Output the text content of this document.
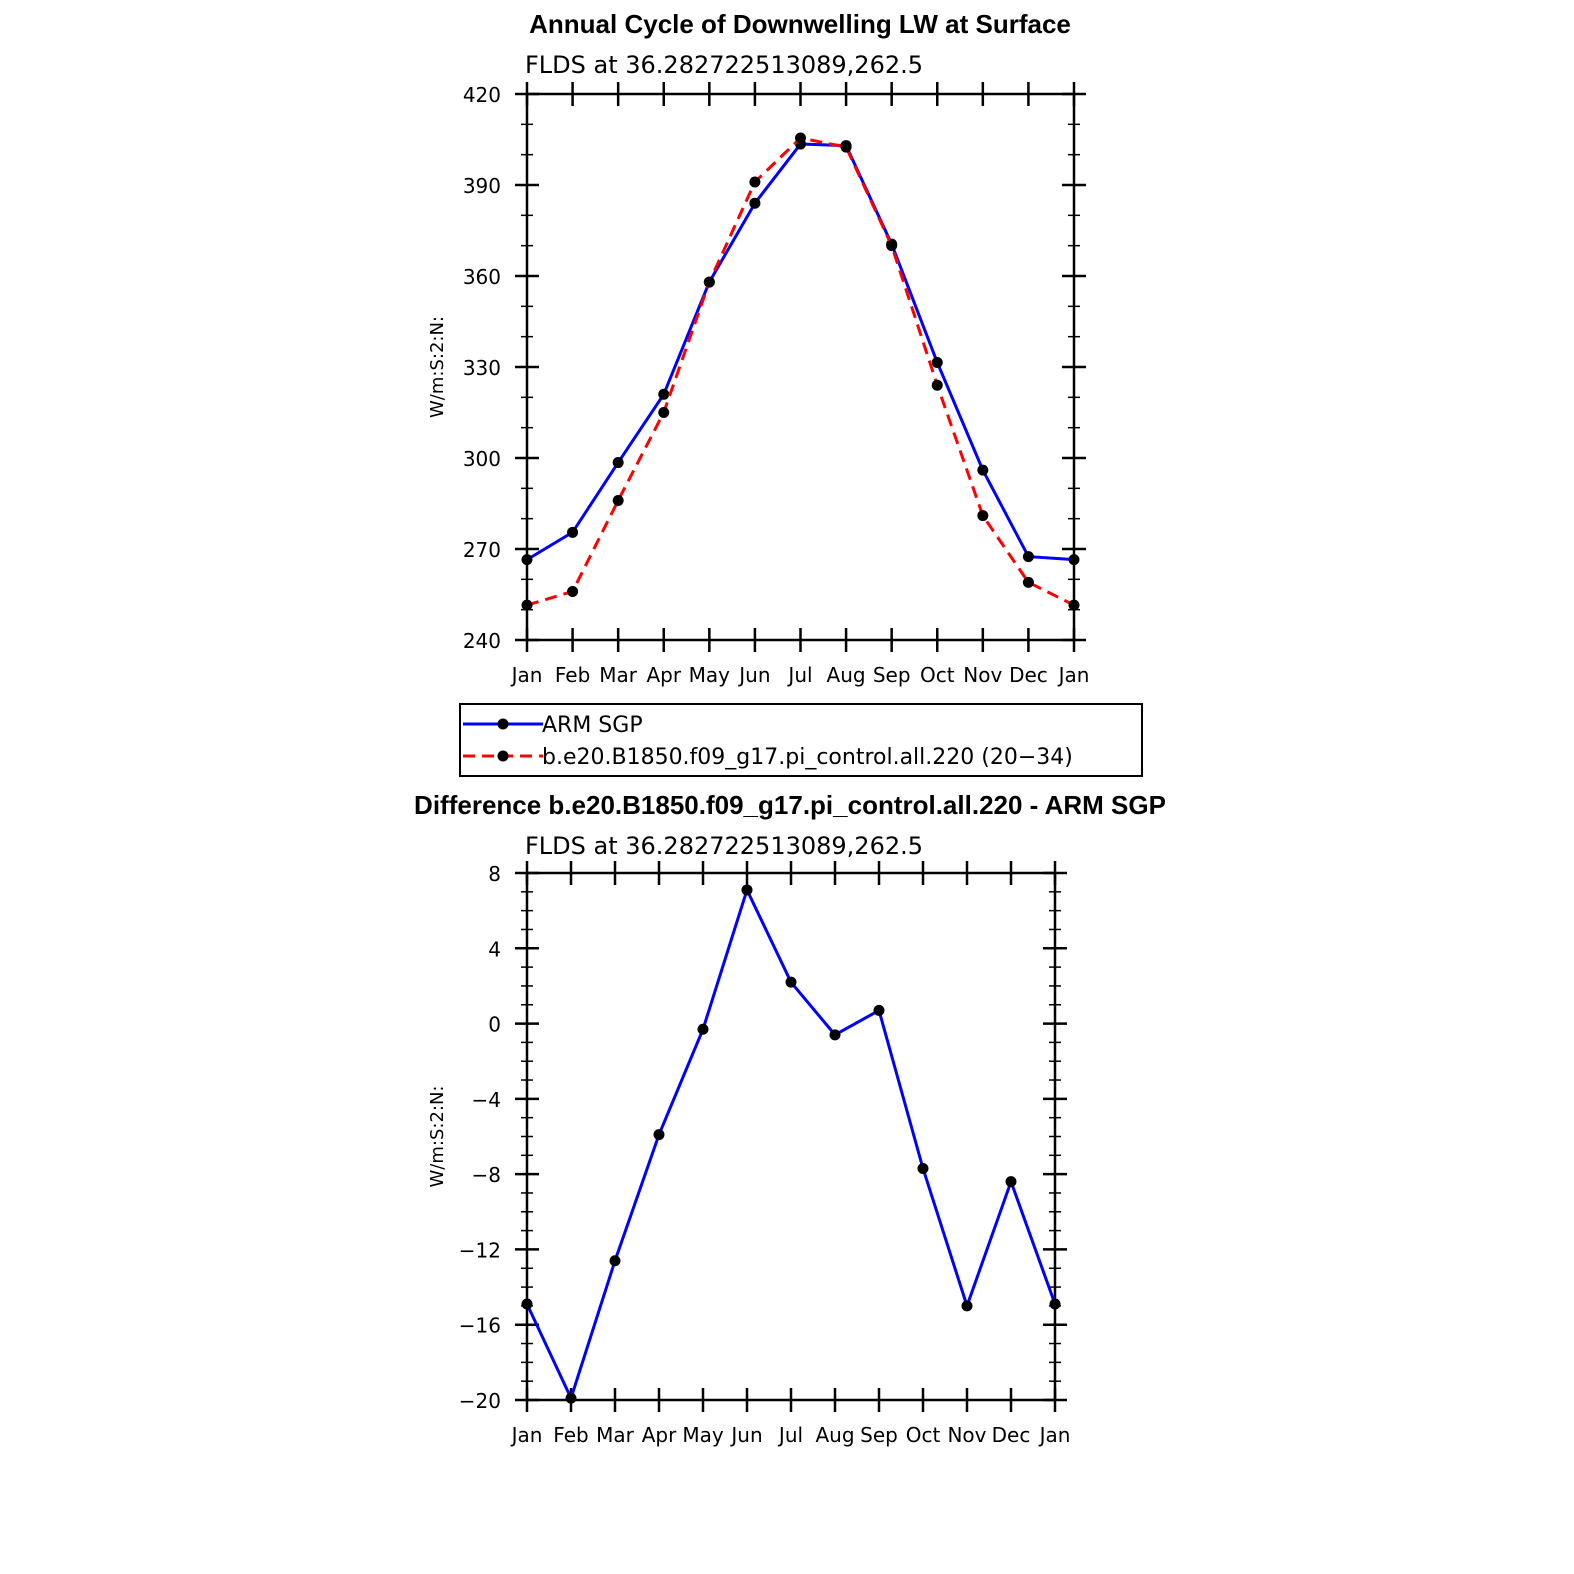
Annual Cycle of Downwelling LW at Surface
FLDS at 36.282722513089,262.5
W/m:S:2:N:
240
270
300
330
360
390
420
Jan Feb Mar Apr May Jun Jul Aug Sep Oct Nov Dec Jan
ARM SGP
b.e20.B1850.f09_g17.pi_control.all.220 (20−34)
Difference b.e20.B1850.f09_g17.pi_control.all.220 - ARM SGP
FLDS at 36.282722513089,262.5
W/m:S:2:N:
−20
−16
−12
−8
−4
0
4
8
Jan Feb Mar Apr May Jun Jul Aug Sep Oct Nov Dec Jan
